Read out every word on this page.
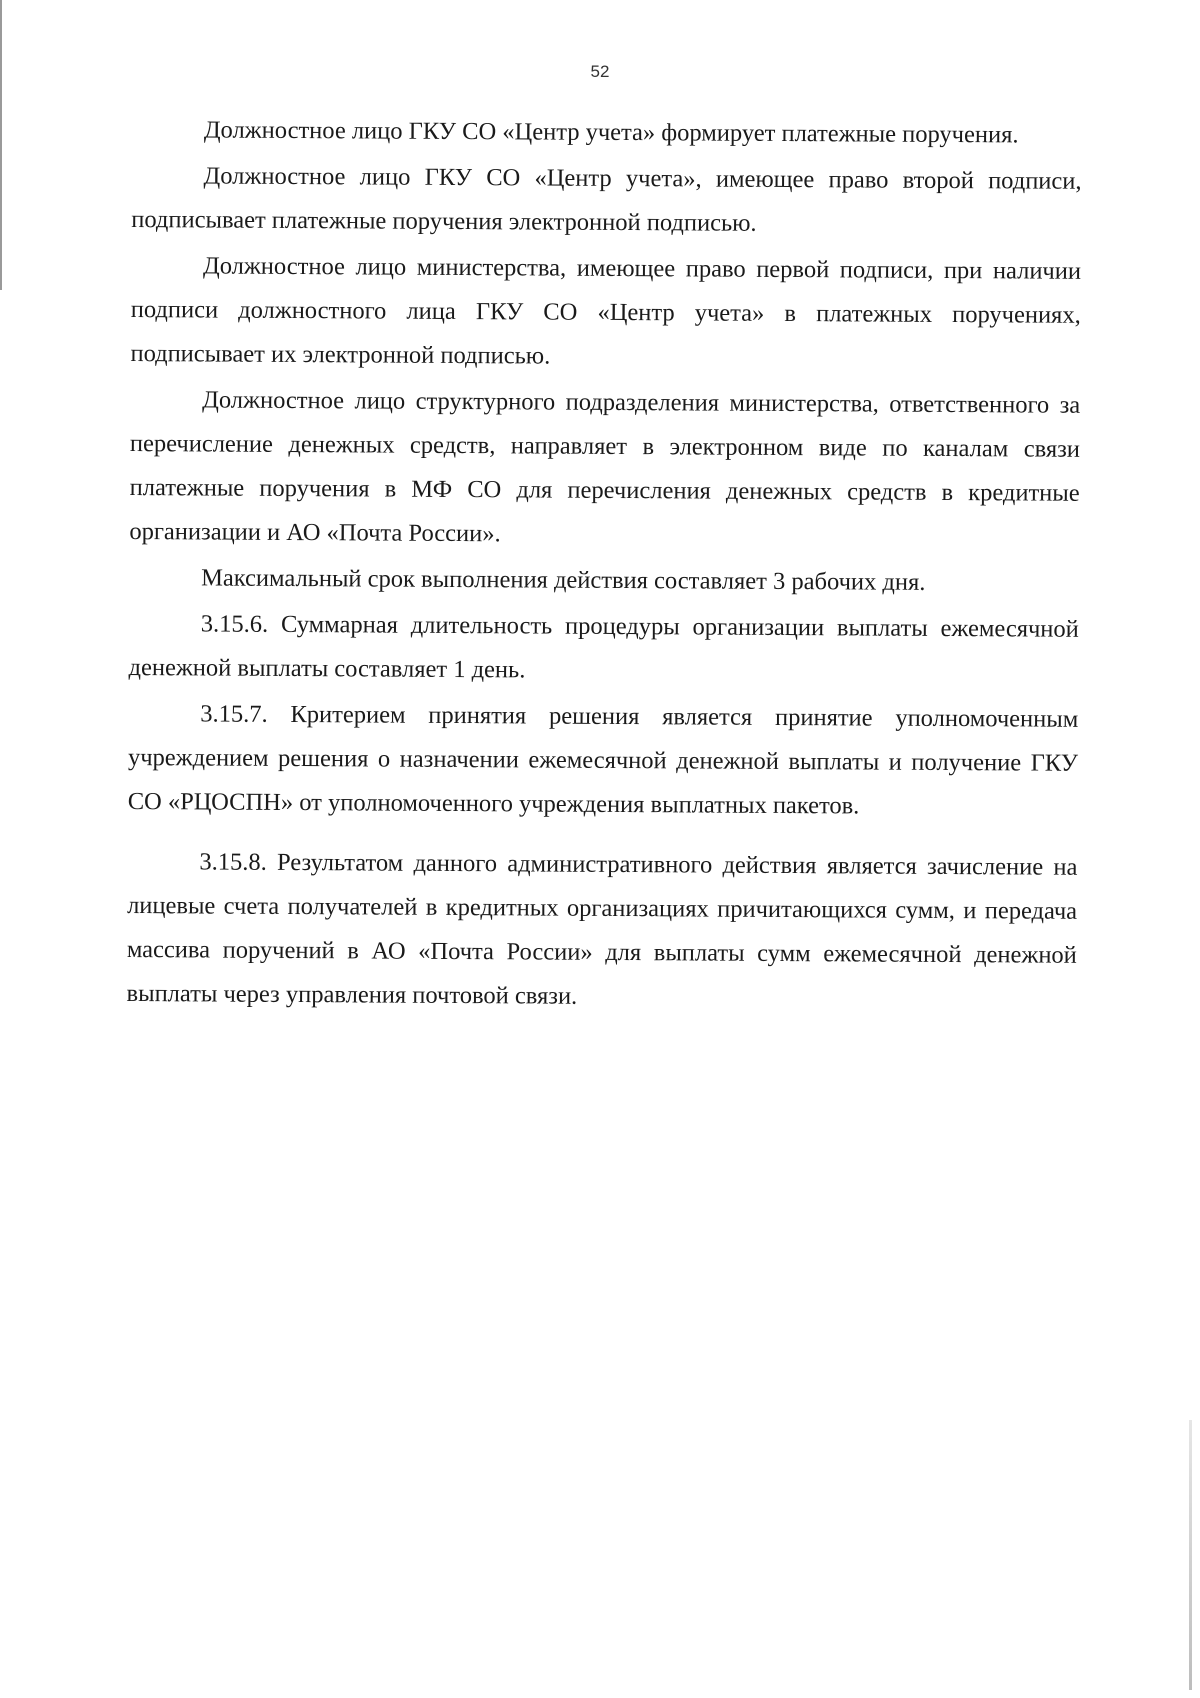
52

Должностное лицо ГКУ СО «Центр учета» формирует платежные поручения.

Должностное лицо ГКУ СО «Центр учета», имеющее право второй подписи, подписывает платежные поручения электронной подписью.

Должностное лицо министерства, имеющее право первой подписи, при наличии подписи должностного лица ГКУ СО «Центр учета» в платежных поручениях, подписывает их электронной подписью.

Должностное лицо структурного подразделения министерства, ответственного за перечисление денежных средств, направляет в электронном виде по каналам связи платежные поручения в МФ СО для перечисления денежных средств в кредитные организации и АО «Почта России».

Максимальный срок выполнения действия составляет 3 рабочих дня.

3.15.6. Суммарная длительность процедуры организации выплаты ежемесячной денежной выплаты составляет 1 день.

3.15.7. Критерием принятия решения является принятие уполномоченным учреждением решения о назначении ежемесячной денежной выплаты и получение ГКУ СО «РЦОСПН» от уполномоченного учреждения выплатных пакетов.

3.15.8. Результатом данного административного действия является зачисление на лицевые счета получателей в кредитных организациях причитающихся сумм, и передача массива поручений в АО «Почта России» для выплаты сумм ежемесячной денежной выплаты через управления почтовой связи.
